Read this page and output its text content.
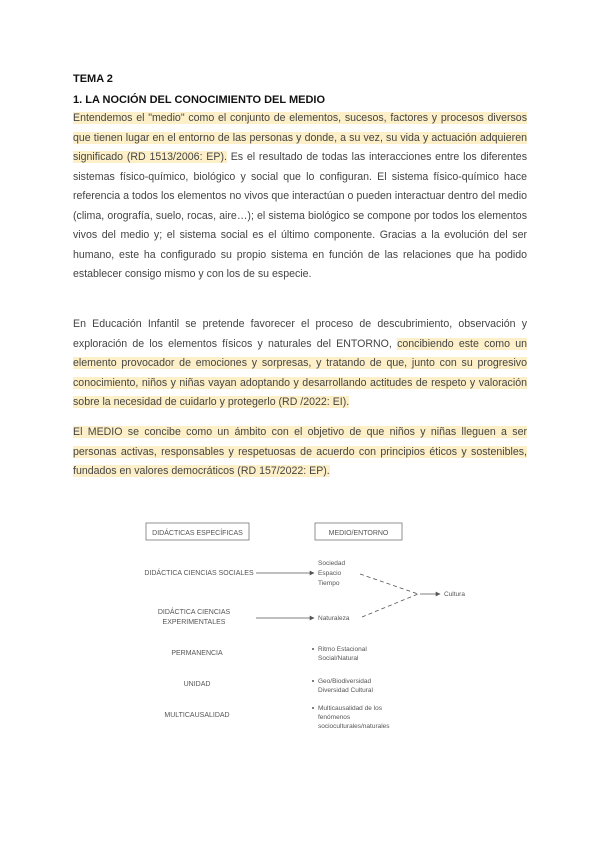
TEMA 2
1. LA NOCIÓN DEL CONOCIMIENTO DEL MEDIO
Entendemos el "medio" como el conjunto de elementos, sucesos, factores y procesos diversos que tienen lugar en el entorno de las personas y donde, a su vez, su vida y actuación adquieren significado (RD 1513/2006: EP). Es el resultado de todas las interacciones entre los diferentes sistemas físico-químico, biológico y social que lo configuran. El sistema físico-químico hace referencia a todos los elementos no vivos que interactúan o pueden interactuar dentro del medio (clima, orografía, suelo, rocas, aire…); el sistema biológico se compone por todos los elementos vivos del medio y; el sistema social es el último componente. Gracias a la evolución del ser humano, este ha configurado su propio sistema en función de las relaciones que ha podido establecer consigo mismo y con los de su especie.
En Educación Infantil se pretende favorecer el proceso de descubrimiento, observación y exploración de los elementos físicos y naturales del ENTORNO, concibiendo este como un elemento provocador de emociones y sorpresas, y tratando de que, junto con su progresivo conocimiento, niños y niñas vayan adoptando y desarrollando actitudes de respeto y valoración sobre la necesidad de cuidarlo y protegerlo (RD /2022: EI).
El MEDIO se concibe como un ámbito con el objetivo de que niños y niñas lleguen a ser personas activas, responsables y respetuosas de acuerdo con principios éticos y sostenibles, fundados en valores democráticos (RD 157/2022: EP).
DIDÁCTICAS ESPECÍFICAS	MEDIO/ENTORNO
DIDÁCTICA CIENCIAS SOCIALES
Sociedad
Espacio
Tiempo
Cultura
DIDÁCTICA CIENCIAS
EXPERIMENTALES
Naturaleza
PERMANENCIA
Ritmo Estacional
Social/Natural
UNIDAD	Geo/Biodiversidad
Diversidad Cultural
MULTICAUSALIDAD
Multicausalidad de los
fenómenos
socioculturales/naturales
